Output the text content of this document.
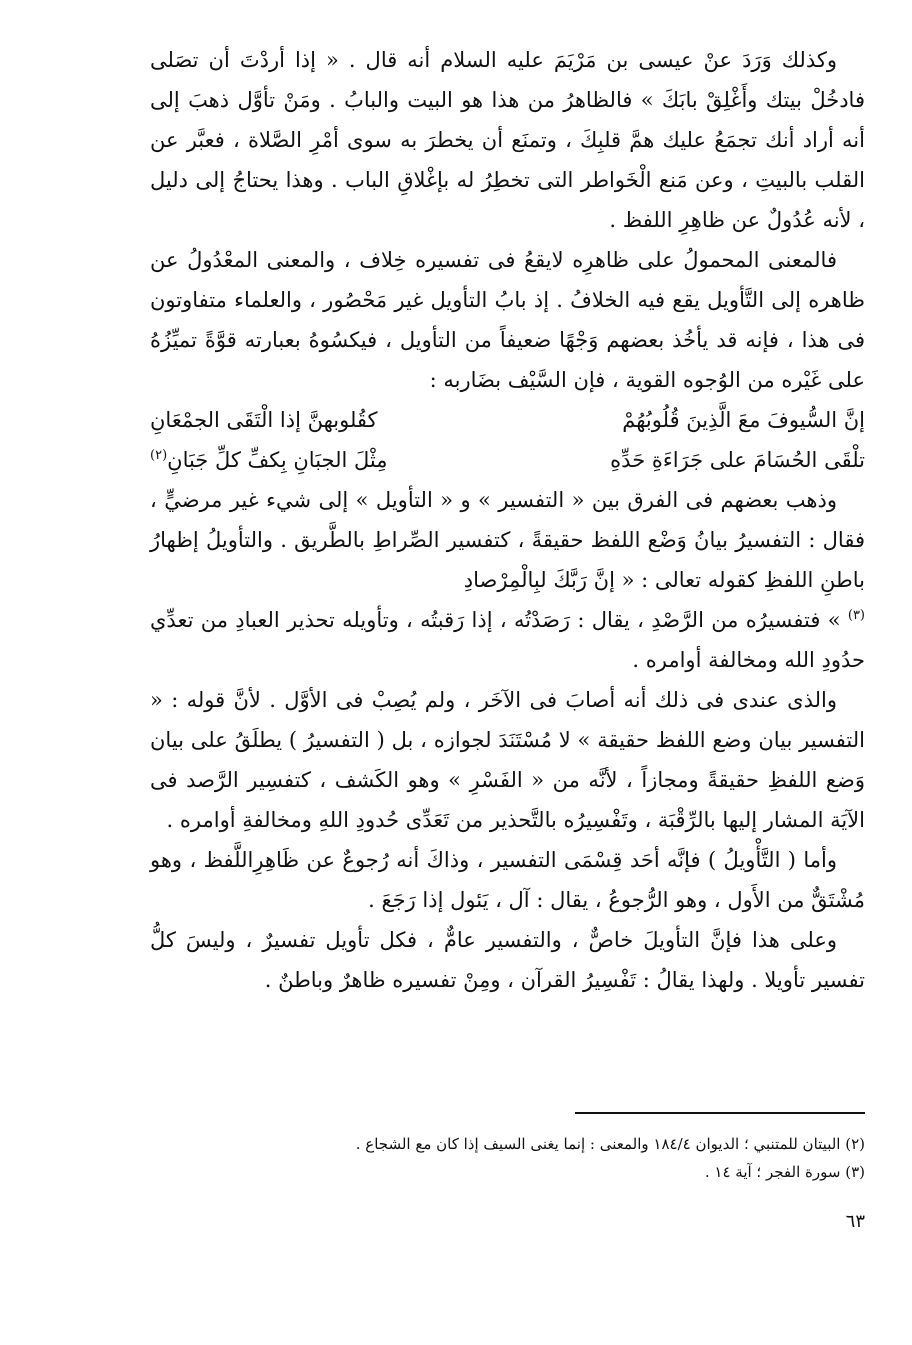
وكذلك وَرَدَ عنْ عيسى بن مَرْيَمَ عليه السلام أنه قال . « إذا أردْتَ أن تصَلى فادخُلْ بيتك وأَغْلِقْ بابَكَ » فالظاهرُ من هذا هو البيت والبابُ . ومَنْ تأوَّل ذهبَ إلى أنه أراد أنك تجمَعُ عليك همَّ قلبِكَ ، وتمنَع أن يخطرَ به سوى أمْرِ الصَّلاة ، فعبَّر عن القلب بالبيتِ ، وعن مَنع الْخَواطر التى تخطِرُ له بإغْلاقِ الباب . وهذا يحتاجُ إلى دليل ، لأنه عُدُولٌ عن ظاهِرِ اللفظ .

فالمعنى المحمولُ على ظاهرِه لايقعُ فى تفسيره خِلاف ، والمعنى المعْدُولُ عن ظاهره إلى التَّأويل يقع فيه الخلافُ . إذ بابُ التأويل غير مَحْصُور ، والعلماء متفاوتون فى هذا ، فإنه قد يأخُذ بعضهم وَجْهًا ضعيفاً من التأويل ، فيكسُوهُ بعبارته قوَّةً تميِّزُهُ على غَيْره من الوُجوه القوية ، فإن السَّيْف بضَاربه :

إنَّ السُّيوفَ معَ الَّذِينَ قُلُوبُهُمْ
كقُلوبهنَّ إذا الْتَقَى الجمْعَانِ
تلْقَى الحُسَامَ على جَرَاءَةِ حَدِّهِ
مِثْلَ الجبَانِ بِكفِّ كلِّ جَبَانِ$^{(٢)}$

وذهب بعضهم فى الفرق بين « التفسير » و « التأويل » إلى شيء غير مرضيٍّ ، فقال : التفسيرُ بيانُ وَضْع اللفظ حقيقةً ، كتفسير الصِّراطِ بالطَّريق . والتأويلُ إظهارُ باطنِ اللفظِ كقوله تعالى : « إنَّ رَبَّكَ لبِالْمِرْصادِ

$^{(٣)}$ » فتفسيرُه من الرَّصْدِ ، يقال : رَصَدْتُه ، إذا رَقبتُه ، وتأويله تحذير العبادِ من تعدِّي حدُودِ الله ومخالفة أوامره .

والذى عندى فى ذلك أنه أصابَ فى الآخَر ، ولم يُصِبْ فى الأوَّل . لأنَّ قوله : « التفسير بيان وضع اللفظ حقيقة » لا مُسْتَنَدَ لجوازه ، بل ( التفسيرُ ) يطلَقُ على بيان وَضع اللفظِ حقيقةً ومجازاً ، لأنَّه من « الفَسْرِ » وهو الكَشف ، كتفسِير الرَّصد فى الآيَة المشار إليها بالرِّقْبَة ، وتَفْسِيرُه بالتَّحذير من تَعَدِّى حُدودِ اللهِ ومخالفةِ أوامره .

وأما ( التَّأْويلُ ) فإنَّه أحَد قِسْمَى التفسير ، وذاكَ أنه رُجوعٌ عن ظَاهِرِاللَّفظ ، وهو مُشْتَقٌّ من الأَول ، وهو الرُّجوعُ ، يقال : آل ، يَئول إذا رَجَعَ .

وعلى هذا فإنَّ التأويلَ خاصٌّ ، والتفسير عامٌّ ، فكل تأويل تفسيرٌ ، وليسَ كلُّ تفسير تأويلا . ولهذا يقالُ : تَفْسِيرُ القرآن ، ومِنْ تفسيره ظاهرٌ وباطنٌ .

(٢) البيتان للمتنبي ؛ الديوان ١٨٤/٤ والمعنى : إنما يغنى السيف إذا كان مع الشجاع .

(٣) سورة الفجر ؛ آية ١٤ .

٦٣
